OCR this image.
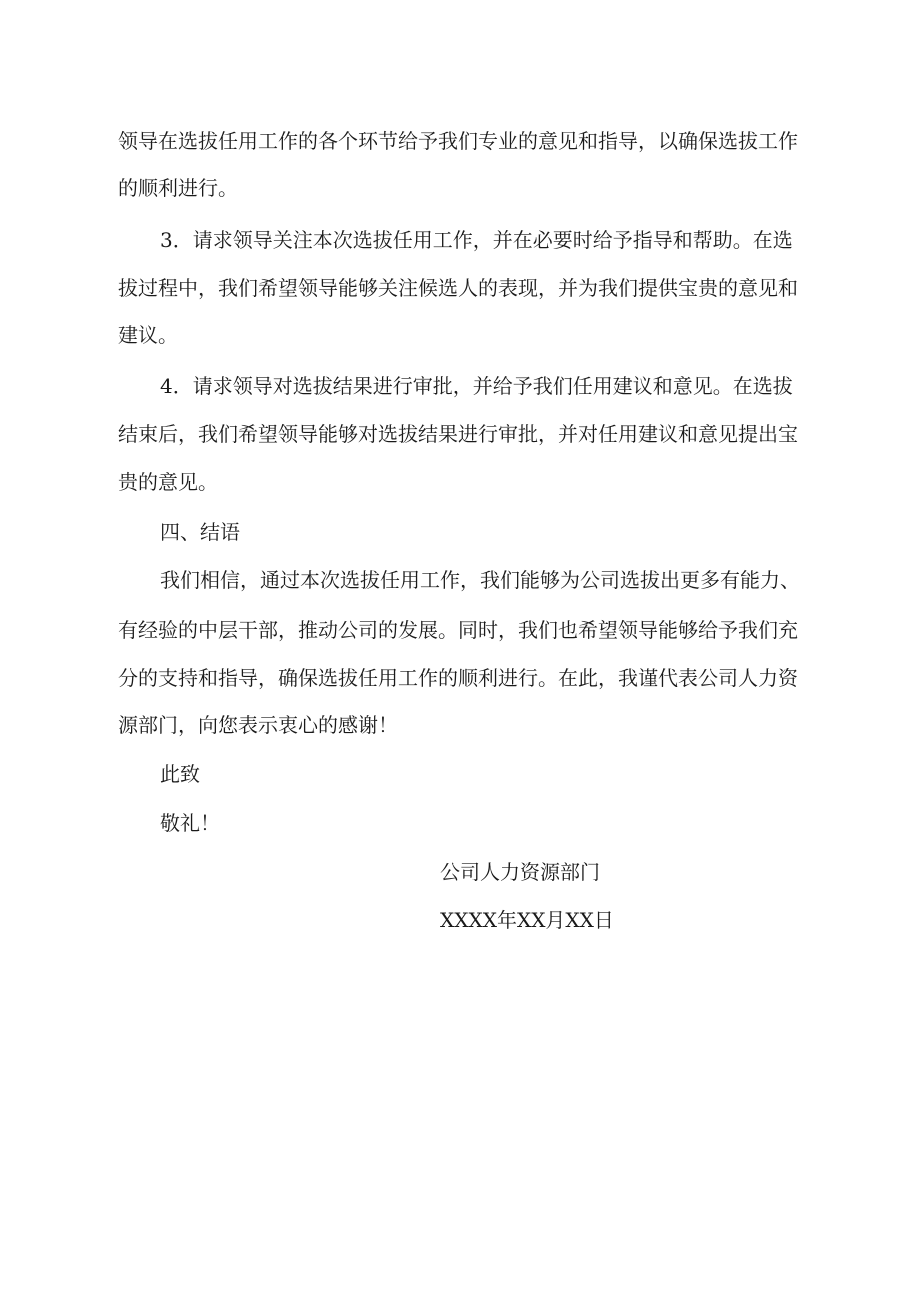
领导在选拔任用工作的各个环节给予我们专业的意见和指导，以确保选拔工作
的顺利进行。
3．请求领导关注本次选拔任用工作，并在必要时给予指导和帮助。在选
拔过程中，我们希望领导能够关注候选人的表现，并为我们提供宝贵的意见和
建议。
4．请求领导对选拔结果进行审批，并给予我们任用建议和意见。在选拔
结束后，我们希望领导能够对选拔结果进行审批，并对任用建议和意见提出宝
贵的意见。
四、结语
我们相信，通过本次选拔任用工作，我们能够为公司选拔出更多有能力、
有经验的中层干部，推动公司的发展。同时，我们也希望领导能够给予我们充
分的支持和指导，确保选拔任用工作的顺利进行。在此，我谨代表公司人力资
源部门，向您表示衷心的感谢！
此致
敬礼！
公司人力资源部门
XXXX年XX月XX日
